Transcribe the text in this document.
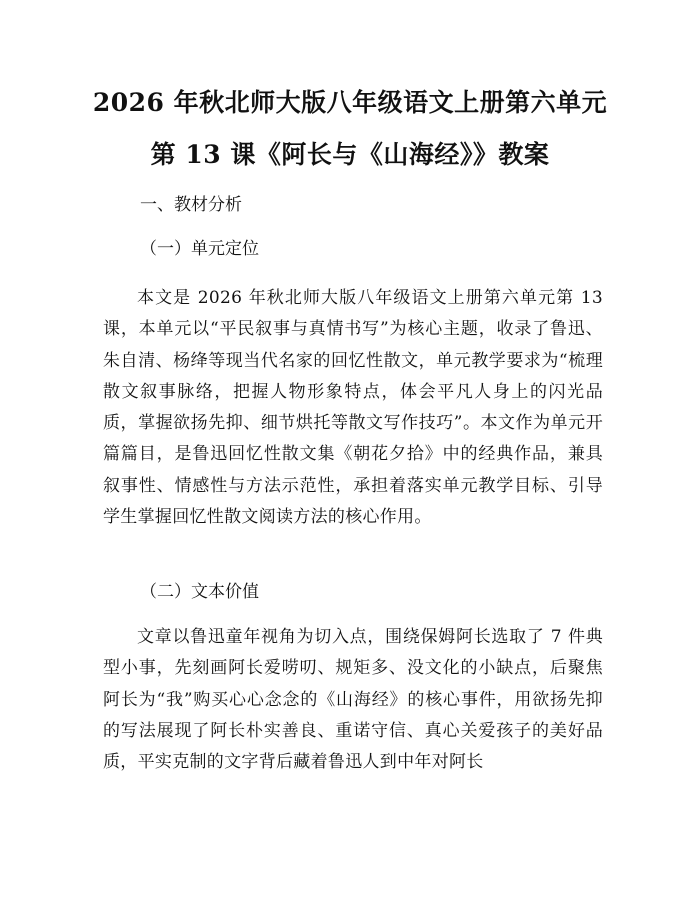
2026 年秋北师大版八年级语文上册第六单元
第 13 课《阿长与《山海经》》教案

一、教材分析

（一）单元定位

本文是 2026 年秋北师大版八年级语文上册第六单元第 13 课，本单元以“平民叙事与真情书写”为核心主题，收录了鲁迅、朱自清、杨绛等现当代名家的回忆性散文，单元教学要求为“梳理散文叙事脉络，把握人物形象特点，体会平凡人身上的闪光品质，掌握欲扬先抑、细节烘托等散文写作技巧”。本文作为单元开篇篇目，是鲁迅回忆性散文集《朝花夕拾》中的经典作品，兼具叙事性、情感性与方法示范性，承担着落实单元教学目标、引导学生掌握回忆性散文阅读方法的核心作用。

（二）文本价值

文章以鲁迅童年视角为切入点，围绕保姆阿长选取了 7 件典型小事，先刻画阿长爱唠叨、规矩多、没文化的小缺点，后聚焦阿长为“我”购买心心念念的《山海经》的核心事件，用欲扬先抑的写法展现了阿长朴实善良、重诺守信、真心关爱孩子的美好品质，平实克制的文字背后藏着鲁迅人到中年对阿长
